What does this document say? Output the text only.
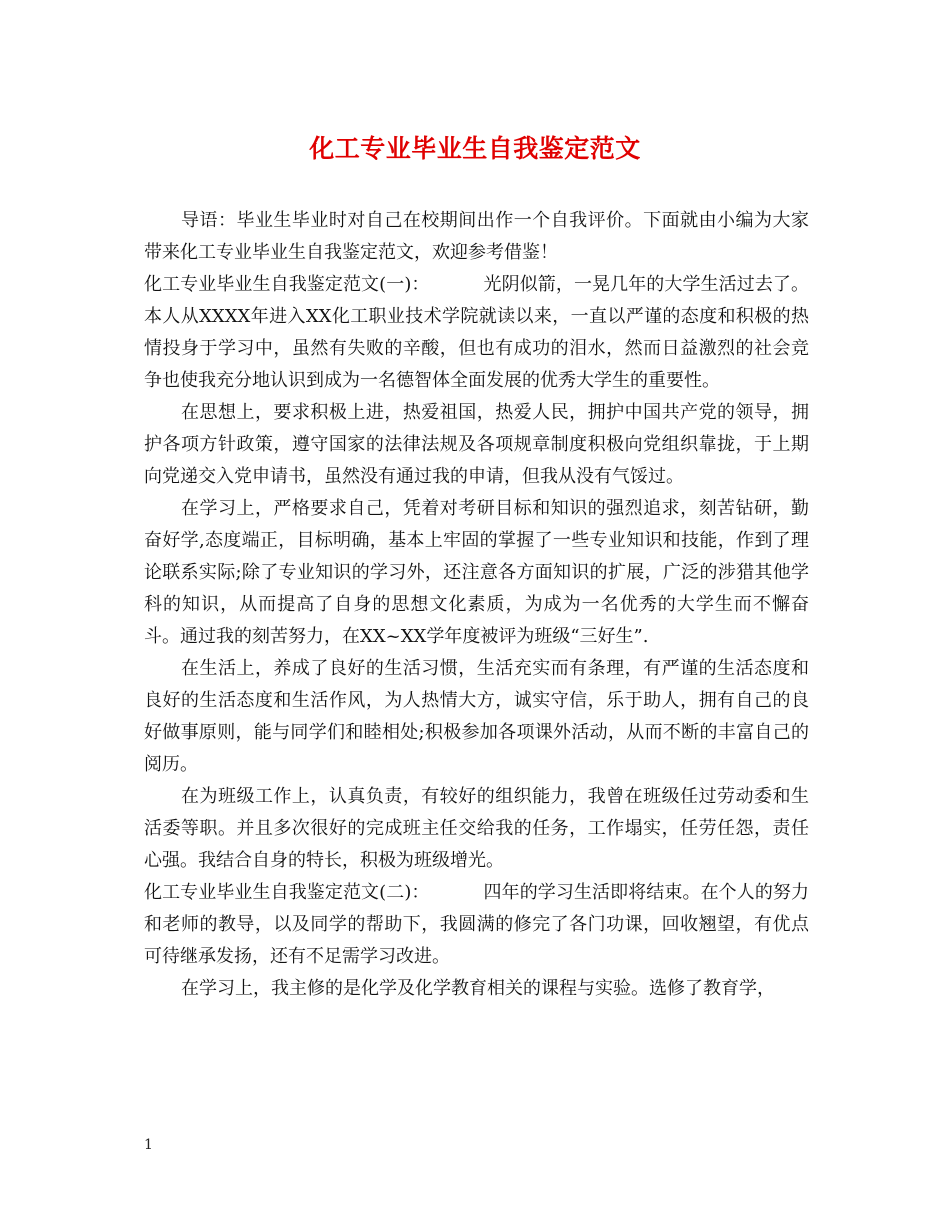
化工专业毕业生自我鉴定范文

导语：毕业生毕业时对自己在校期间出作一个自我评价。下面就由小编为大家带来化工专业毕业生自我鉴定范文，欢迎参考借鉴！

化工专业毕业生自我鉴定范文(一)：	光阴似箭，一晃几年的大学生活过去了。本人从XXXX年进入XX化工职业技术学院就读以来，一直以严谨的态度和积极的热情投身于学习中，虽然有失败的辛酸，但也有成功的泪水，然而日益激烈的社会竞争也使我充分地认识到成为一名德智体全面发展的优秀大学生的重要性。

在思想上，要求积极上进，热爱祖国，热爱人民，拥护中国共产党的领导，拥护各项方针政策，遵守国家的法律法规及各项规章制度积极向党组织靠拢，于上期向党递交入党申请书，虽然没有通过我的申请，但我从没有气馁过。

在学习上，严格要求自己，凭着对考研目标和知识的强烈追求，刻苦钻研，勤奋好学,态度端正，目标明确，基本上牢固的掌握了一些专业知识和技能，作到了理论联系实际;除了专业知识的学习外，还注意各方面知识的扩展，广泛的涉猎其他学科的知识，从而提高了自身的思想文化素质，为成为一名优秀的大学生而不懈奋斗。通过我的刻苦努力，在XX~XX学年度被评为班级“三好生”.

在生活上，养成了良好的生活习惯，生活充实而有条理，有严谨的生活态度和良好的生活态度和生活作风，为人热情大方，诚实守信，乐于助人，拥有自己的良好做事原则，能与同学们和睦相处;积极参加各项课外活动，从而不断的丰富自己的阅历。

在为班级工作上，认真负责，有较好的组织能力，我曾在班级任过劳动委和生活委等职。并且多次很好的完成班主任交给我的任务，工作塌实，任劳任怨，责任心强。我结合自身的特长，积极为班级增光。

化工专业毕业生自我鉴定范文(二)：	四年的学习生活即将结束。在个人的努力和老师的教导，以及同学的帮助下，我圆满的修完了各门功课，回收翘望，有优点可待继承发扬，还有不足需学习改进。

在学习上，我主修的是化学及化学教育相关的课程与实验。选修了教育学，

1
